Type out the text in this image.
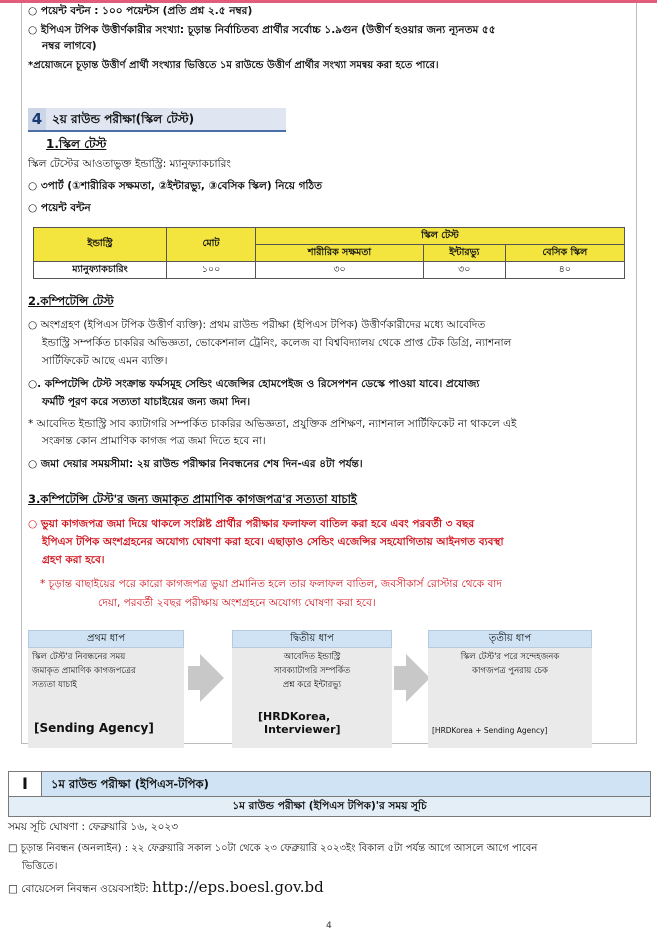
○ পয়েন্ট বন্টন : ১০০ পয়েন্টস (প্রতি প্রশ্ন ২.৫ নম্বর)
○ ইপিএস টপিক উত্তীর্ণকারীর সংখ্যা: চূড়ান্ত নির্বাচিতব্য প্রার্থীর সর্বোচ্চ ১.৯গুন (উত্তীর্ণ হওয়ার জন্য ন্যূনতম ৫৫
নম্বর লাগবে)
*প্রয়োজনে চূড়ান্ত উত্তীর্ণ প্রার্থী সংখ্যার ভিত্তিতে ১ম রাউন্ডে উত্তীর্ণ প্রার্থীর সংখ্যা সমন্বয় করা হতে পারে।
4 ২য় রাউন্ড পরীক্ষা(স্কিল টেস্ট)
1.স্কিল টেস্ট
স্কিল টেস্টের আওতাভুক্ত ইন্ডাস্ট্রি: ম্যানুফ্যাকচারিং
○ ৩পার্ট (①শারীরিক সক্ষমতা, ②ইন্টারভ্যু, ③বেসিক স্কিল) নিয়ে গঠিত
○ পয়েন্ট বন্টন
ইন্ডাস্ট্রি	মোট	স্কিল টেস্ট		
		শারীরিক সক্ষমতা	ইন্টারভ্যু	বেসিক স্কিল
ম্যানুফ্যাকচারিং	১০০	৩০	৩০	৪০
2.কম্পিটেন্সি টেস্ট
○ অংশগ্রহণ (ইপিএস টপিক উত্তীর্ণ ব্যক্তি): প্রথম রাউন্ড পরীক্ষা (ইপিএস টপিক) উত্তীর্ণকারীদের মধ্যে আবেদিত
ইন্ডাস্ট্রি সম্পর্কিত চাকরির অভিজ্ঞতা, ভোকেশনাল ট্রেনিং, কলেজ বা বিশ্ববিদ্যালয় থেকে প্রাপ্ত টেক ডিগ্রি, ন্যাশনাল
সার্টিফিকেট আছে এমন ব্যক্তি।
○. কম্পিটেন্সি টেস্ট সংক্রান্ত ফর্মসমূহ সেন্ডিং এজেন্সির হোমপেইজ ও রিসেপশন ডেস্কে পাওয়া যাবে। প্রযোজ্য
ফর্মটি পূরণ করে সত্যতা যাচাইয়ের জন্য জমা দিন।
* আবেদিত ইন্ডাস্ট্রি সাব ক্যাটাগরি সম্পর্কিত চাকরির অভিজ্ঞতা, প্রযুক্তিক প্রশিক্ষণ, ন্যাশনাল সার্টিফিকেট না থাকলে এই
সংক্রান্ত কোন প্রামাণিক কাগজ পত্র জমা দিতে হবে না।
○ জমা দেয়ার সময়সীমা: ২য় রাউন্ড পরীক্ষার নিবন্ধনের শেষ দিন-এর ৪টা পর্যন্ত।
3.কম্পিটেন্সি টেস্ট'র জন্য জমাকৃত প্রামাণিক কাগজপত্র'র সত্যতা যাচাই
○ ভুয়া কাগজপত্র জমা দিয়ে থাকলে সংশ্লিষ্ট প্রার্থীর পরীক্ষার ফলাফল বাতিল করা হবে এবং পরবর্তী ৩ বছর
ইপিএস টপিক অংশগ্রহনের অযোগ্য ঘোষণা করা হবে। এছাড়াও সেন্ডিং এজেন্সির সহযোগিতায় আইনগত ব্যবস্থা
গ্রহণ করা হবে।
* চূড়ান্ত বাছাইয়ের পরে কারো কাগজপত্র ভুয়া প্রমানিত হলে তার ফলাফল বাতিল, জবসীকার্স রোস্টার থেকে বাদ
দেয়া, পরবর্তী ২বছর পরীক্ষায় অংশগ্রহনে অযোগ্য ঘোষণা করা হবে।
প্রথম ধাপ
স্কিল টেস্ট'র নিবন্ধনের সময়
জমাকৃত প্রামাণিক কাগজপত্রের
সত্যতা যাচাই
[Sending Agency]
দ্বিতীয় ধাপ
আবেদিত ইন্ডাস্ট্রি
সাবক্যাটাগরি সম্পর্কিত
প্রশ্ন করে ইন্টারভ্যু
[HRDKorea,
Interviewer]
তৃতীয় ধাপ
স্কিল টেস্ট'র পরে সন্দেহজনক
কাগজপত্র পুনরায় চেক
[HRDKorea + Sending Agency]
I	১ম রাউন্ড পরীক্ষা (ইপিএস-টপিক)
১ম রাউন্ড পরীক্ষা (ইপিএস টপিক)'র সময় সূচি
সময় সূচি ঘোষণা : ফেব্রুয়ারি ১৬, ২০২৩
□ চূড়ান্ত নিবন্ধন (অনলাইন) : ২২ ফেব্রুয়ারি সকাল ১০টা থেকে ২৩ ফেব্রুয়ারি ২০২৩ইং বিকাল ৫টা পর্যন্ত আগে আসলে আগে পাবেন
ভিত্তিতে।
□ বোয়েসেল নিবন্ধন ওয়েবসাইট: http://eps.boesl.gov.bd
4
